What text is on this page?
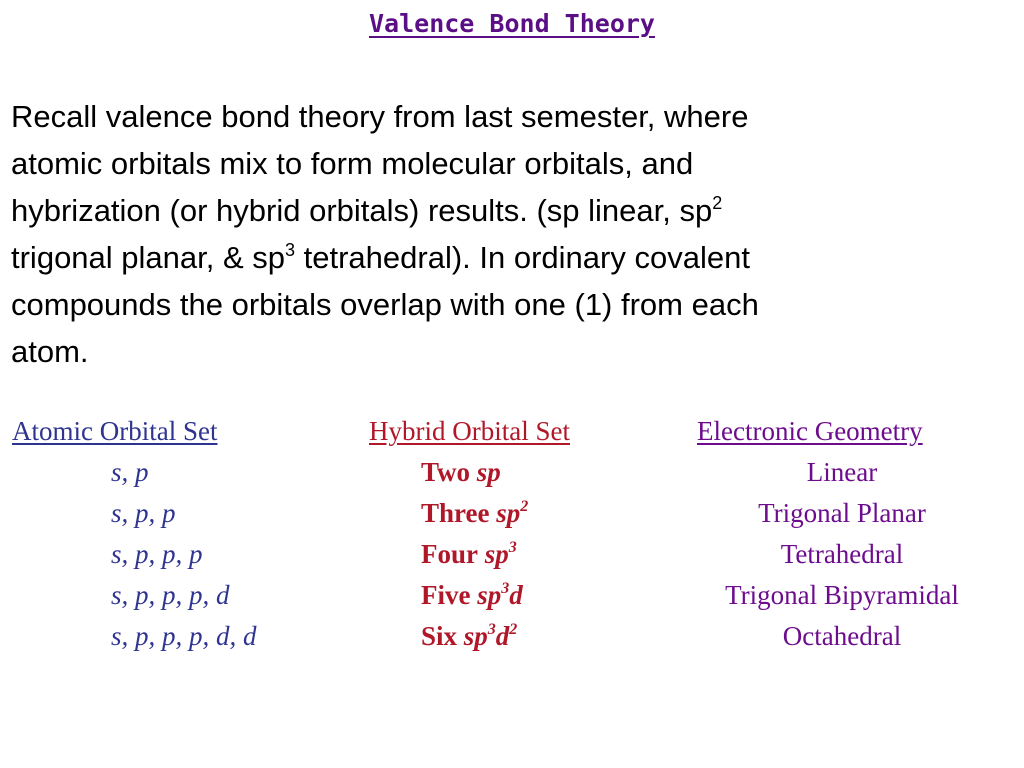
Valence Bond Theory
Recall valence bond theory from last semester, where
atomic orbitals mix to form molecular orbitals, and
hybrization (or hybrid orbitals) results. (sp linear, $sp^2$
trigonal planar, & $sp^3$ tetrahedral). In ordinary covalent
compounds the orbitals overlap with one (1) from each
atom.
Atomic Orbital Set	Hybrid Orbital Set	Electronic Geometry
s, p	Two sp	Linear
s, p, p	Three $sp^2$	Trigonal Planar
s, p, p, p	Four $sp^3$	Tetrahedral
s, p, p, p, d	Five $sp^3d$	Trigonal Bipyramidal
s, p, p, p, d, d	Six $sp^3d^2$	Octahedral
